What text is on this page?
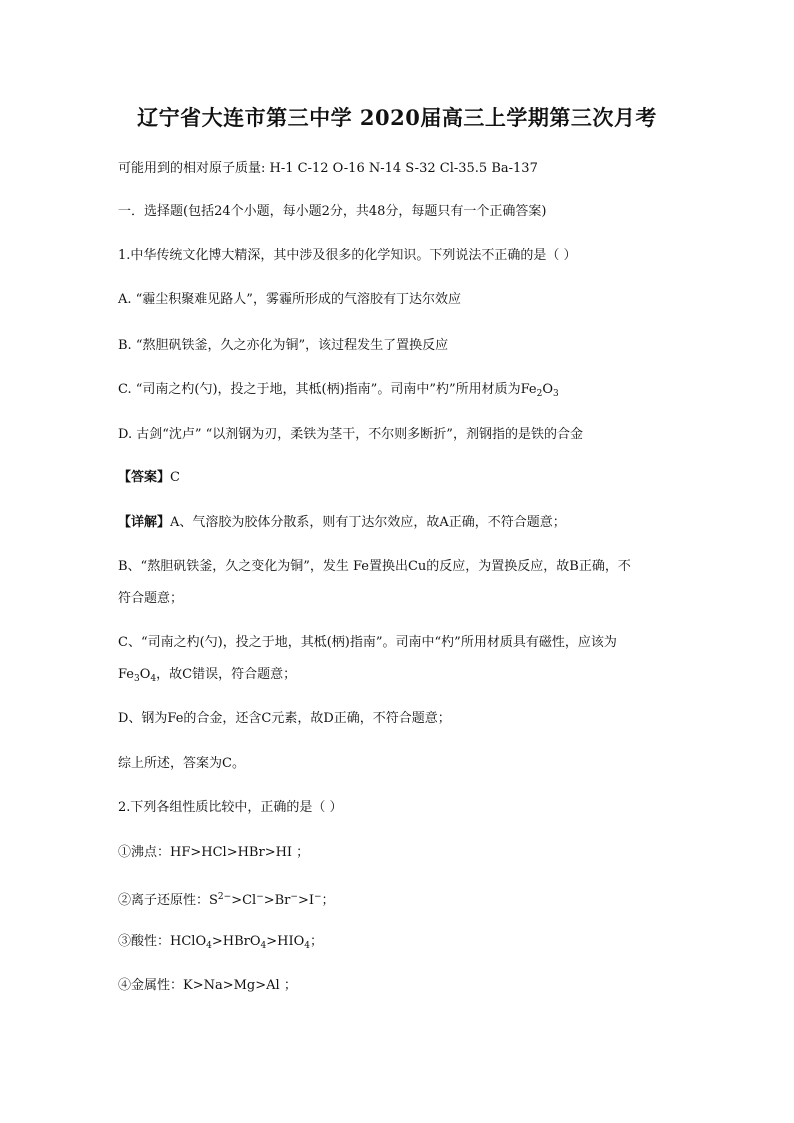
辽宁省大连市第三中学 2020届高三上学期第三次月考
可能用到的相对原子质量: H-1 C-12 O-16 N-14 S-32 Cl-35.5 Ba-137
一．选择题(包括24个小题，每小题2分，共48分，每题只有一个正确答案)
1.中华传统文化博大精深，其中涉及很多的化学知识。下列说法不正确的是（ ）
A. “霾尘积聚难见路人”，雾霾所形成的气溶胶有丁达尔效应
B. “熬胆矾铁釜，久之亦化为铜”，该过程发生了置换反应
C. “司南之杓(勺)，投之于地，其柢(柄)指南”。司南中”杓”所用材质为$Fe_2O_3$
D. 古剑“沈卢” “以剂钢为刃，柔铁为茎干，不尔则多断折”，剂钢指的是铁的合金
【答案】C
【详解】A、气溶胶为胶体分散系，则有丁达尔效应，故A正确，不符合题意；
B、“熬胆矾铁釜，久之变化为铜”，发生 Fe置换出Cu的反应，为置换反应，故B正确，不
符合题意；
C、“司南之杓(勺)，投之于地，其柢(柄)指南”。司南中“杓”所用材质具有磁性，应该为
$Fe_3O_4$，故C错误，符合题意；
D、钢为Fe的合金，还含C元素，故D正确，不符合题意；
综上所述，答案为C。
2.下列各组性质比较中，正确的是（ ）
①沸点：HF>HCl>HBr>HI ；
②离子还原性：$S^{2-}>Cl^->Br^->I^-$；
③酸性：$HClO_4>HBrO_4>HIO_4$；
④金属性：K>Na>Mg>Al ；
